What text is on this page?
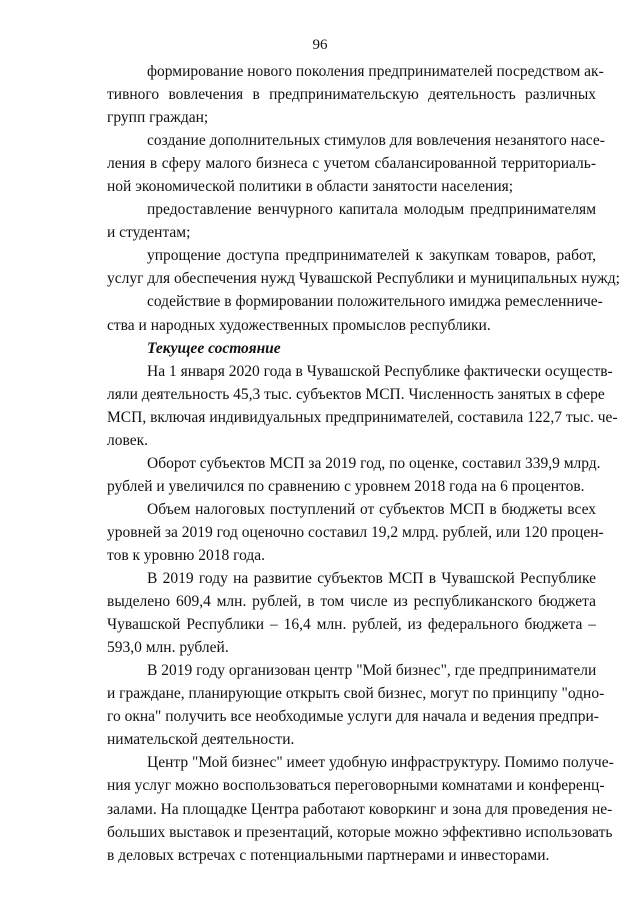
96
формирование нового поколения предпринимателей посредством ак-
тивного вовлечения в предпринимательскую деятельность различных
групп граждан;
создание дополнительных стимулов для вовлечения незанятого насе-
ления в сферу малого бизнеса с учетом сбалансированной территориаль-
ной экономической политики в области занятости населения;
предоставление венчурного капитала молодым предпринимателям
и студентам;
упрощение доступа предпринимателей к закупкам товаров, работ,
услуг для обеспечения нужд Чувашской Республики и муниципальных нужд;
содействие в формировании положительного имиджа ремесленниче-
ства и народных художественных промыслов республики.
Текущее состояние
На 1 января 2020 года в Чувашской Республике фактически осуществ-
ляли деятельность 45,3 тыс. субъектов МСП. Численность занятых в сфере
МСП, включая индивидуальных предпринимателей, составила 122,7 тыс. че-
ловек.
Оборот субъектов МСП за 2019 год, по оценке, составил 339,9 млрд.
рублей и увеличился по сравнению с уровнем 2018 года на 6 процентов.
Объем налоговых поступлений от субъектов МСП в бюджеты всех
уровней за 2019 год оценочно составил 19,2 млрд. рублей, или 120 процен-
тов к уровню 2018 года.
В 2019 году на развитие субъектов МСП в Чувашской Республике
выделено 609,4 млн. рублей, в том числе из республиканского бюджета
Чувашской Республики – 16,4 млн. рублей, из федерального бюджета –
593,0 млн. рублей.
В 2019 году организован центр "Мой бизнес", где предприниматели
и граждане, планирующие открыть свой бизнес, могут по принципу "одно-
го окна" получить все необходимые услуги для начала и ведения предпри-
нимательской деятельности.
Центр "Мой бизнес" имеет удобную инфраструктуру. Помимо получе-
ния услуг можно воспользоваться переговорными комнатами и конференц-
залами. На площадке Центра работают коворкинг и зона для проведения не-
больших выставок и презентаций, которые можно эффективно использовать
в деловых встречах с потенциальными партнерами и инвесторами.
